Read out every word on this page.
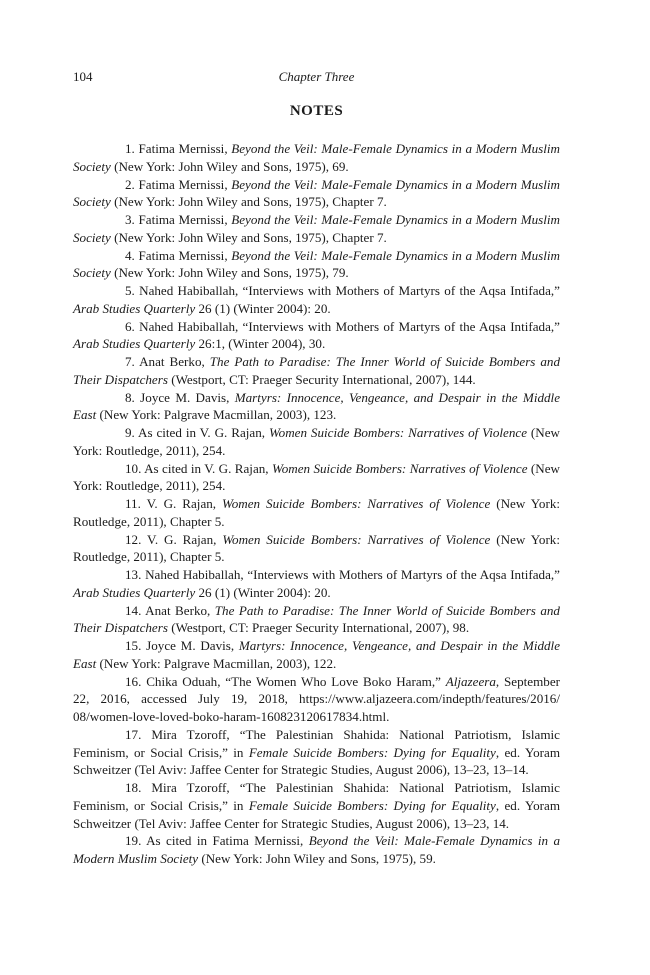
104	Chapter Three
NOTES

1. Fatima Mernissi, Beyond the Veil: Male-Female Dynamics in a Modern Muslim Society (New York: John Wiley and Sons, 1975), 69.

2. Fatima Mernissi, Beyond the Veil: Male-Female Dynamics in a Modern Muslim Society (New York: John Wiley and Sons, 1975), Chapter 7.

3. Fatima Mernissi, Beyond the Veil: Male-Female Dynamics in a Modern Muslim Society (New York: John Wiley and Sons, 1975), Chapter 7.

4. Fatima Mernissi, Beyond the Veil: Male-Female Dynamics in a Modern Muslim Society (New York: John Wiley and Sons, 1975), 79.

5. Nahed Habiballah, “Interviews with Mothers of Martyrs of the Aqsa Intifada,” Arab Studies Quarterly 26 (1) (Winter 2004): 20.

6. Nahed Habiballah, “Interviews with Mothers of Martyrs of the Aqsa Intifada,” Arab Studies Quarterly 26:1, (Winter 2004), 30.

7. Anat Berko, The Path to Paradise: The Inner World of Suicide Bombers and Their Dispatchers (Westport, CT: Praeger Security International, 2007), 144.

8. Joyce M. Davis, Martyrs: Innocence, Vengeance, and Despair in the Middle East (New York: Palgrave Macmillan, 2003), 123.

9. As cited in V. G. Rajan, Women Suicide Bombers: Narratives of Violence (New York: Routledge, 2011), 254.

10. As cited in V. G. Rajan, Women Suicide Bombers: Narratives of Violence (New York: Routledge, 2011), 254.

11. V. G. Rajan, Women Suicide Bombers: Narratives of Violence (New York: Routledge, 2011), Chapter 5.

12. V. G. Rajan, Women Suicide Bombers: Narratives of Violence (New York: Routledge, 2011), Chapter 5.

13. Nahed Habiballah, “Interviews with Mothers of Martyrs of the Aqsa Intifada,” Arab Studies Quarterly 26 (1) (Winter 2004): 20.

14. Anat Berko, The Path to Paradise: The Inner World of Suicide Bombers and Their Dispatchers (Westport, CT: Praeger Security International, 2007), 98.

15. Joyce M. Davis, Martyrs: Innocence, Vengeance, and Despair in the Middle East (New York: Palgrave Macmillan, 2003), 122.

16. Chika Oduah, “The Women Who Love Boko Haram,” Aljazeera, September 22, 2016, accessed July 19, 2018, https://www.aljazeera.com/indepth/features/2016/ 08/women-love-loved-boko-haram-160823120617834.html.

17. Mira Tzoroff, “The Palestinian Shahida: National Patriotism, Islamic Feminism, or Social Crisis,” in Female Suicide Bombers: Dying for Equality, ed. Yoram Schweitzer (Tel Aviv: Jaffee Center for Strategic Studies, August 2006), 13–23, 13–14.

18. Mira Tzoroff, “The Palestinian Shahida: National Patriotism, Islamic Feminism, or Social Crisis,” in Female Suicide Bombers: Dying for Equality, ed. Yoram Schweitzer (Tel Aviv: Jaffee Center for Strategic Studies, August 2006), 13–23, 14.

19. As cited in Fatima Mernissi, Beyond the Veil: Male-Female Dynamics in a Modern Muslim Society (New York: John Wiley and Sons, 1975), 59.
